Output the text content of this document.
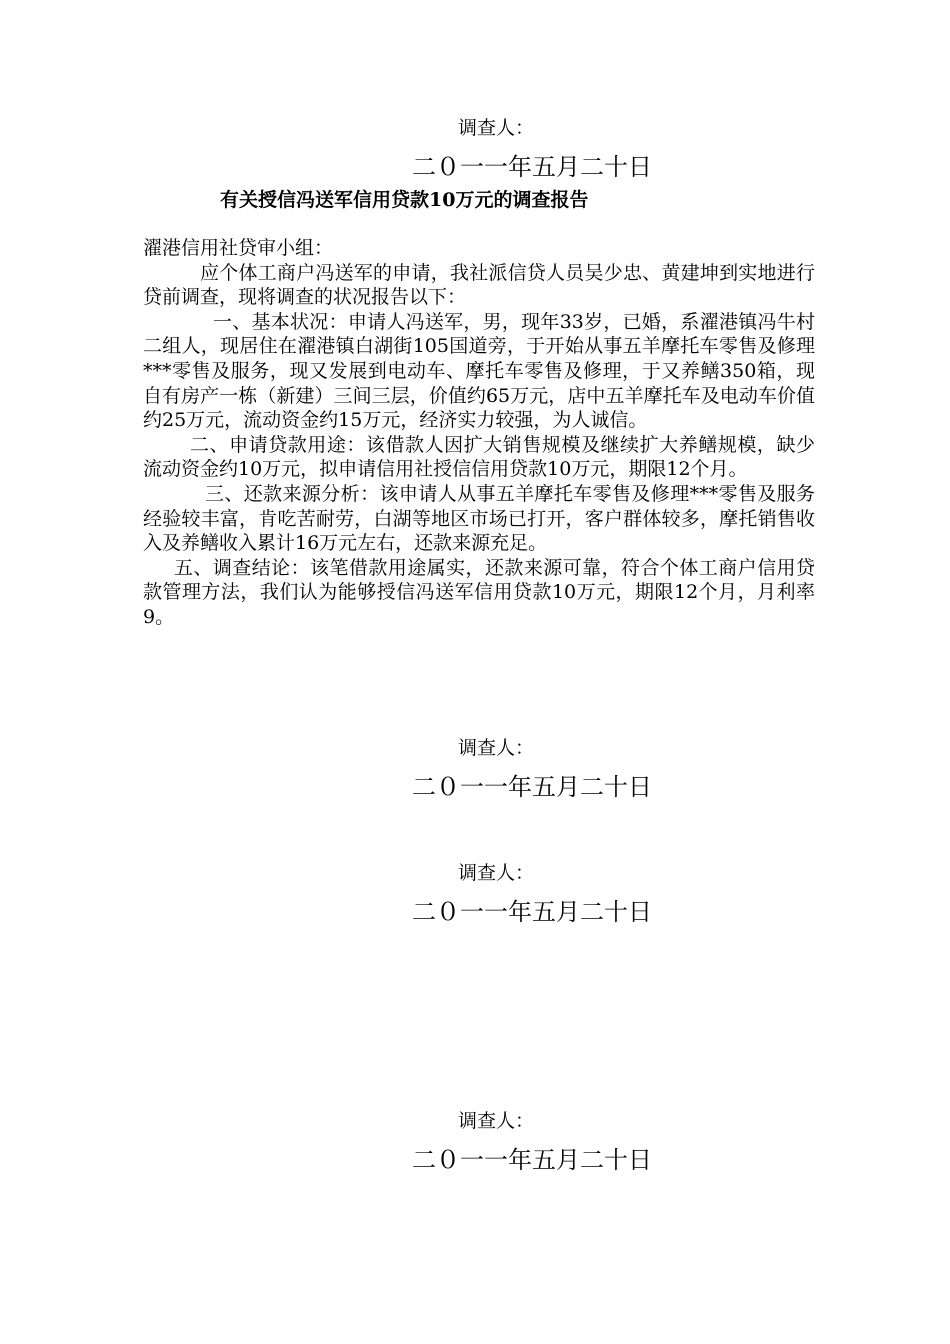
调查人：
二０一一年五月二十日
有关授信冯送军信用贷款10万元的调查报告

濯港信用社贷审小组：

应个体工商户冯送军的申请，我社派信贷人员吴少忠、黄建坤到实地进行贷前调查，现将调查的状况报告以下：

一、基本状况：申请人冯送军，男，现年33岁，已婚，系濯港镇冯牛村二组人，现居住在濯港镇白湖街105国道旁，于开始从事五羊摩托车零售及修理***零售及服务，现又发展到电动车、摩托车零售及修理，于又养鳝350箱，现自有房产一栋（新建）三间三层，价值约65万元，店中五羊摩托车及电动车价值约25万元，流动资金约15万元，经济实力较强，为人诚信。

二、申请贷款用途：该借款人因扩大销售规模及继续扩大养鳝规模，缺少流动资金约10万元，拟申请信用社授信信用贷款10万元，期限12个月。

三、还款来源分析：该申请人从事五羊摩托车零售及修理***零售及服务经验较丰富，肯吃苦耐劳，白湖等地区市场已打开，客户群体较多，摩托销售收入及养鳝收入累计16万元左右，还款来源充足。

五、调查结论：该笔借款用途属实，还款来源可靠，符合个体工商户信用贷款管理方法，我们认为能够授信冯送军信用贷款10万元，期限12个月，月利率9。

调查人：
二０一一年五月二十日
调查人：
二０一一年五月二十日
调查人：
二０一一年五月二十日
